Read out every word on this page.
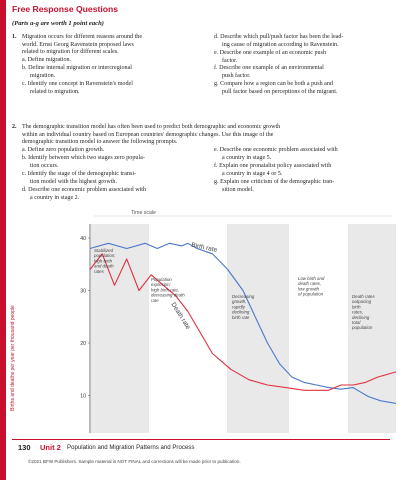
Free Response Questions
(Parts a-g are worth 1 point each)
1. Migration occurs for different reasons around the
world. Ernst Georg Ravenstein proposed laws
related to migration for different scales.
a. Define migration.
b. Define internal migration or intercregional
migration.
c. Identify one concept in Ravenstein's model
related to migration.
d. Describe which pull/push factor has been the lead-
ing cause of migration according to Ravenstein.
e. Describe one example of an economic push
factor.
f. Describe one example of an environmental
push factor.
g. Compare how a region can be both a push and
pull factor based on perceptions of the migrant.
2. The demographic transition model has often been used to predict both demographic and economic growth
within an individual country based on European countries' demographic changes. Use this image of the
demographic transition model to answer the following prompts.
a. Define zero population growth.
b. Identify between which two stages zero popula-
tion occurs.
c. Identify the stage of the demographic transi-
tion model with the highest growth.
d. Describe one economic problem associated with
a country in stage 2.
e. Describe one economic problem associated with
a country in stage 5.
f. Explain one pronatalist policy associated with
a country in stage 4 or 5.
g. Explain one criticism of the demographic tran-
sition model.
Time scale
Births and deaths per year per thousand people	10
20
30
40
Birth rate
Death rate
Stabilized population; high birth and death rates
Population explosion; high birth rate, decreasing death rate
Decreasing growth, rapidly declining birth rate
Low birth and death rates, low growth of population	Death rates outpacing birth rates, declining total population
130 Unit 2 Population and Migration Patterns and Process
©2021 BFW Publishers. Sample material is NOT FINAL and corrections will be made prior to publication.
